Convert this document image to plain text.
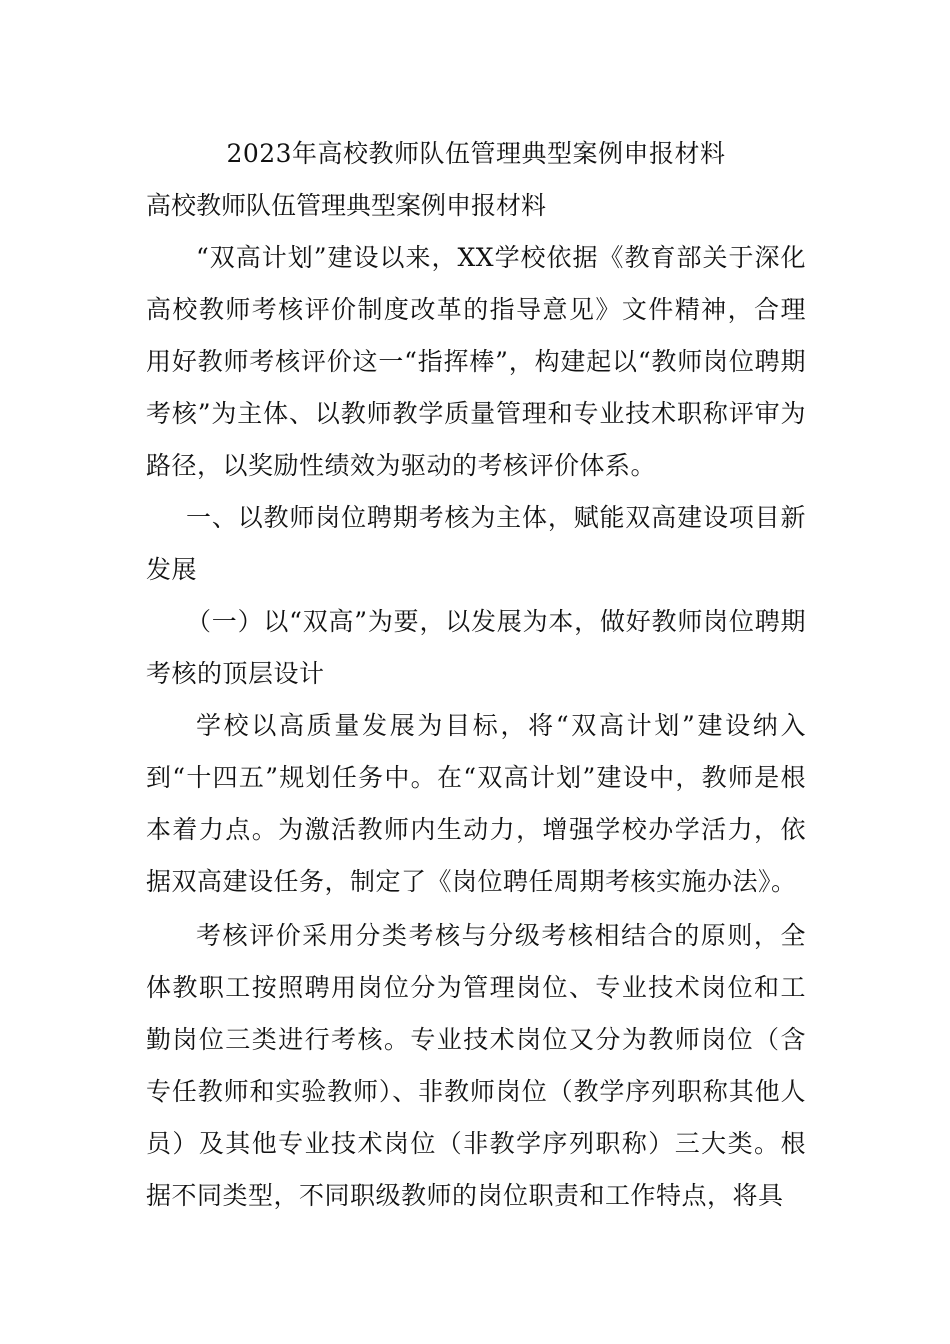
2023年高校教师队伍管理典型案例申报材料
高校教师队伍管理典型案例申报材料

“双高计划”建设以来，XX学校依据《教育部关于深化高校教师考核评价制度改革的指导意见》文件精神，合理用好教师考核评价这一“指挥棒”，构建起以“教师岗位聘期考核”为主体、以教师教学质量管理和专业技术职称评审为路径，以奖励性绩效为驱动的考核评价体系。

一、以教师岗位聘期考核为主体，赋能双高建设项目新发展

（一）以“双高”为要，以发展为本，做好教师岗位聘期考核的顶层设计

学校以高质量发展为目标，将“双高计划”建设纳入到“十四五”规划任务中。在“双高计划”建设中，教师是根本着力点。为激活教师内生动力，增强学校办学活力，依据双高建设任务，制定了《岗位聘任周期考核实施办法》。

考核评价采用分类考核与分级考核相结合的原则，全体教职工按照聘用岗位分为管理岗位、专业技术岗位和工勤岗位三类进行考核。专业技术岗位又分为教师岗位（含专任教师和实验教师）、非教师岗位（教学序列职称其他人员）及其他专业技术岗位（非教学序列职称）三大类。根据不同类型，不同职级教师的岗位职责和工作特点，将具
